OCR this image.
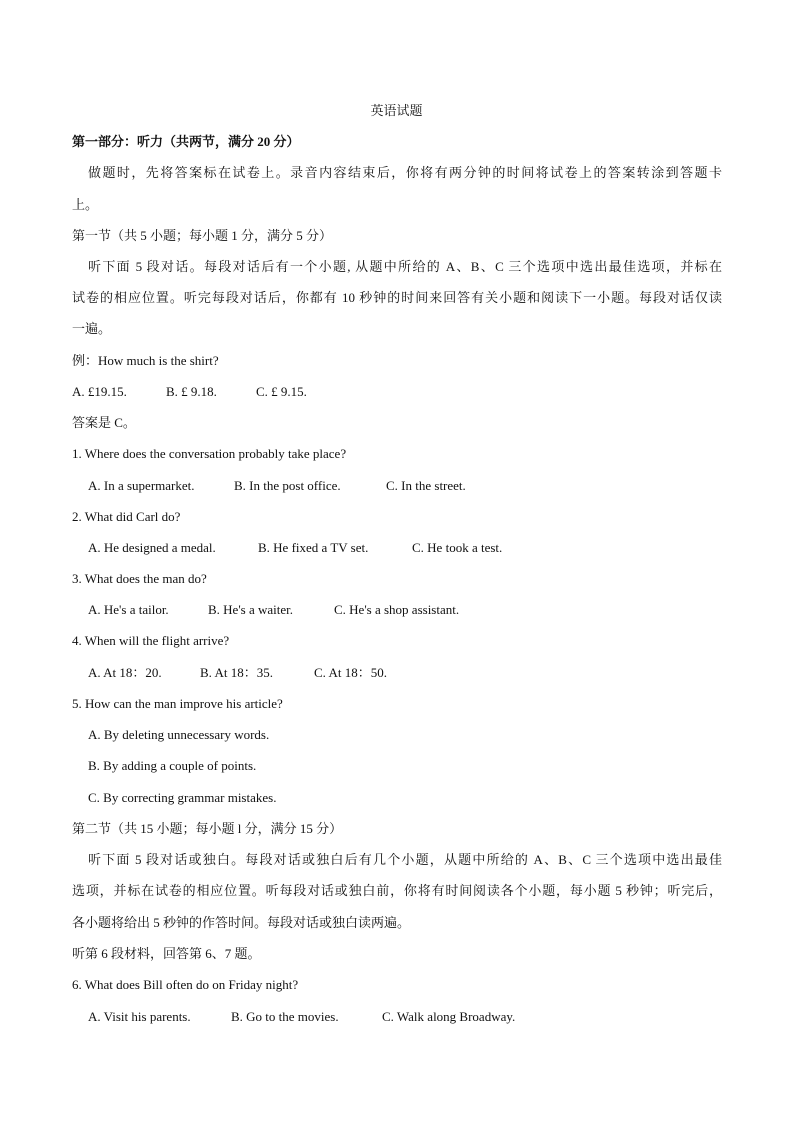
英语试题
第一部分：听力（共两节，满分 20 分）
做题时，先将答案标在试卷上。录音内容结束后，你将有两分钟的时间将试卷上的答案转涂到答题卡
上。
第一节（共 5 小题；每小题 1 分，满分 5 分）
听下面 5 段对话。每段对话后有一个小题, 从题中所给的 A、B、C 三个选项中选出最佳选项，并标在
试卷的相应位置。听完每段对话后，你都有 10 秒钟的时间来回答有关小题和阅读下一小题。每段对话仅读
一遍。
例：How much is the shirt?
A. £19.15.	B. £ 9.18.	C. £ 9.15.
答案是 C。
1. Where does the conversation probably take place?
A. In a supermarket.	B. In the post office.	C. In the street.
2. What did Carl do?
A. He designed a medal.	B. He fixed a TV set.	C. He took a test.
3. What does the man do?
A. He's a tailor.	B. He's a waiter.	C. He's a shop assistant.
4. When will the flight arrive?
A. At 18：20.	B. At 18：35.	C. At 18：50.
5. How can the man improve his article?
A. By deleting unnecessary words.
B. By adding a couple of points.
C. By correcting grammar mistakes.
第二节（共 15 小题；每小题 l 分，满分 15 分）
听下面 5 段对话或独白。每段对话或独白后有几个小题，从题中所给的 A、B、C 三个选项中选出最佳
选项，并标在试卷的相应位置。听每段对话或独白前，你将有时间阅读各个小题，每小题 5 秒钟；听完后，
各小题将给出 5 秒钟的作答时间。每段对话或独白读两遍。
听第 6 段材料，回答第 6、7 题。
6. What does Bill often do on Friday night?
A. Visit his parents.	B. Go to the movies.	C. Walk along Broadway.
